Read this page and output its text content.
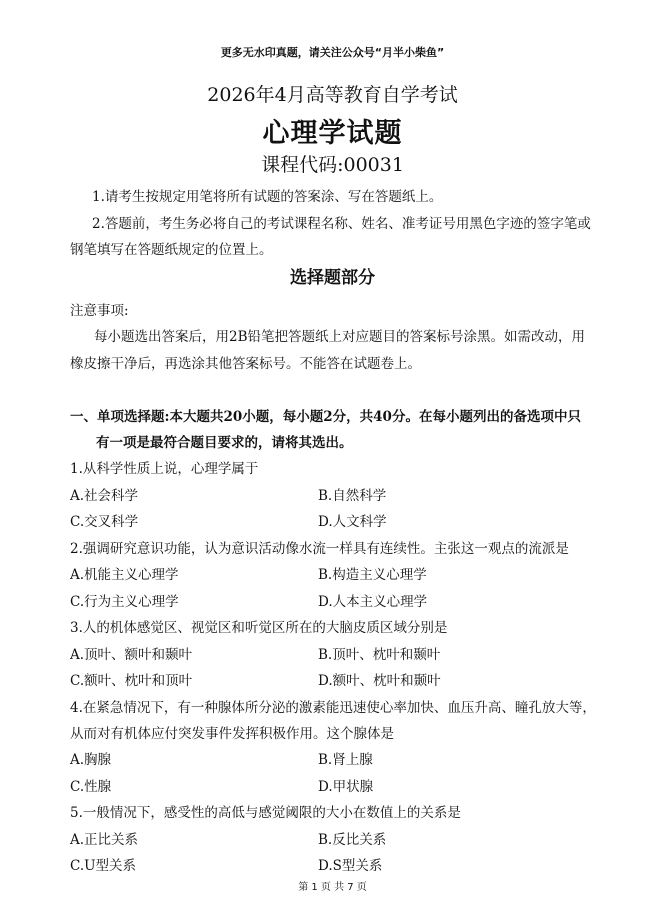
更多无水印真题，请关注公众号“月半小柴鱼”
2026年4月高等教育自学考试
心理学试题
课程代码:00031
1.请考生按规定用笔将所有试题的答案涂、写在答题纸上。
2.答题前，考生务必将自己的考试课程名称、姓名、准考证号用黑色字迹的签字笔或
钢笔填写在答题纸规定的位置上。
选择题部分
注意事项:
每小题选出答案后，用2B铅笔把答题纸上对应题目的答案标号涂黑。如需改动，用
橡皮擦干净后，再选涂其他答案标号。不能答在试题卷上。
一、单项选择题:本大题共20小题，每小题2分，共40分。在每小题列出的备选项中只
有一项是最符合题目要求的，请将其选出。
1.从科学性质上说，心理学属于
A.社会科学	B.自然科学
C.交叉科学	D.人文科学
2.强调研究意识功能，认为意识活动像水流一样具有连续性。主张这一观点的流派是
A.机能主义心理学	B.构造主义心理学
C.行为主义心理学	D.人本主义心理学
3.人的机体感觉区、视觉区和听觉区所在的大脑皮质区域分别是
A.顶叶、额叶和颞叶	B.顶叶、枕叶和颞叶
C.额叶、枕叶和顶叶	D.额叶、枕叶和颞叶
4.在紧急情况下，有一种腺体所分泌的激素能迅速使心率加快、血压升高、瞳孔放大等，
从而对有机体应付突发事件发挥积极作用。这个腺体是
A.胸腺	B.肾上腺
C.性腺	D.甲状腺
5.一般情况下，感受性的高低与感觉阈限的大小在数值上的关系是
A.正比关系	B.反比关系
C.U型关系	D.S型关系
第 1 页 共 7 页
